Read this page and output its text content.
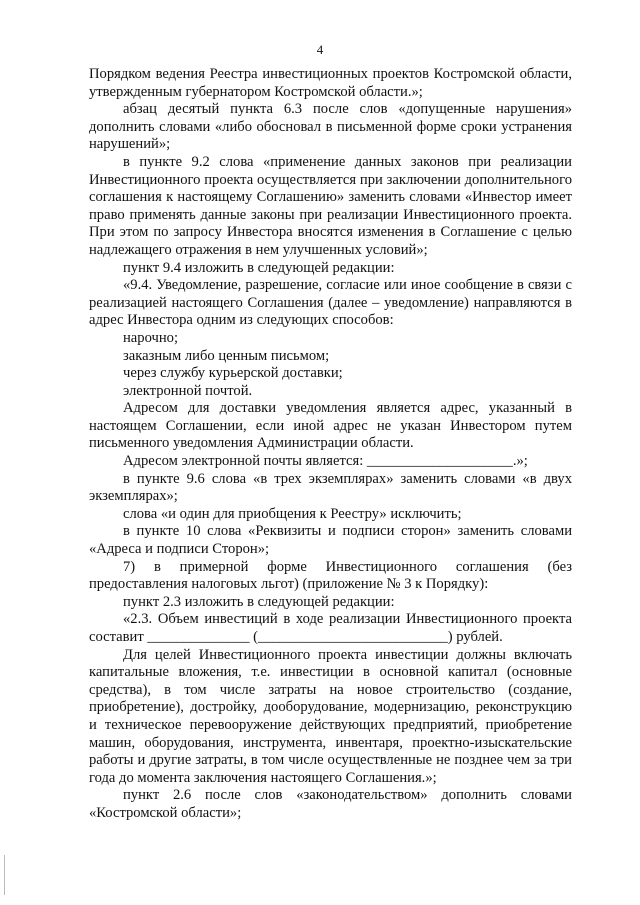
4

Порядком ведения Реестра инвестиционных проектов Костромской области, утвержденным губернатором Костромской области.»;

абзац десятый пункта 6.3 после слов «допущенные нарушения» дополнить словами «либо обосновал в письменной форме сроки устранения нарушений»;

в пункте 9.2 слова «применение данных законов при реализации Инвестиционного проекта осуществляется при заключении дополнительного соглашения к настоящему Соглашению» заменить словами «Инвестор имеет право применять данные законы при реализации Инвестиционного проекта. При этом по запросу Инвестора вносятся изменения в Соглашение с целью надлежащего отражения в нем улучшенных условий»;

пункт 9.4 изложить в следующей редакции:

«9.4. Уведомление, разрешение, согласие или иное сообщение в связи с реализацией настоящего Соглашения (далее – уведомление) направляются в адрес Инвестора одним из следующих способов:

нарочно;

заказным либо ценным письмом;

через службу курьерской доставки;

электронной почтой.

Адресом для доставки уведомления является адрес, указанный в настоящем Соглашении, если иной адрес не указан Инвестором путем письменного уведомления Администрации области.

Адресом электронной почты является: ____________________.»;

в пункте 9.6 слова «в трех экземплярах» заменить словами «в двух экземплярах»;

слова «и один для приобщения к Реестру» исключить;

в пункте 10 слова «Реквизиты и подписи сторон» заменить словами «Адреса и подписи Сторон»;

7) в примерной форме Инвестиционного соглашения (без предоставления налоговых льгот) (приложение № 3 к Порядку):

пункт 2.3 изложить в следующей редакции:

«2.3. Объем инвестиций в ходе реализации Инвестиционного проекта составит ______________ (__________________________) рублей.

Для целей Инвестиционного проекта инвестиции должны включать капитальные вложения, т.е. инвестиции в основной капитал (основные средства), в том числе затраты на новое строительство (создание, приобретение), достройку, дооборудование, модернизацию, реконструкцию и техническое перевооружение действующих предприятий, приобретение машин, оборудования, инструмента, инвентаря, проектно-изыскательские работы и другие затраты, в том числе осуществленные не позднее чем за три года до момента заключения настоящего Соглашения.»;

пункт 2.6 после слов «законодательством» дополнить словами «Костромской области»;
